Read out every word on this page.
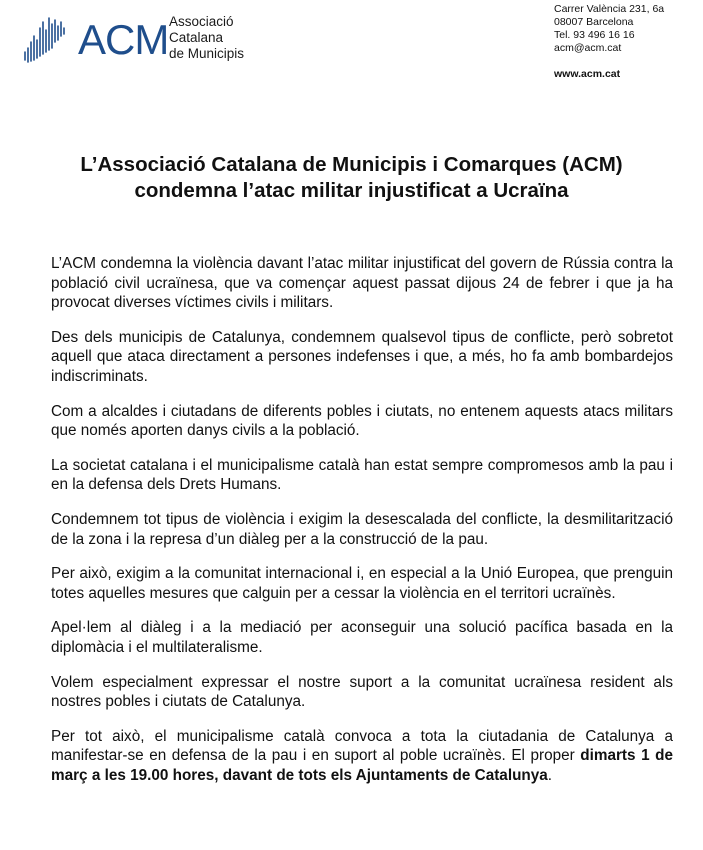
ACM Associació
Catalana
de Municipis
Carrer València 231, 6a
08007 Barcelona
Tel. 93 496 16 16
acm@acm.cat
www.acm.cat
L’Associació Catalana de Municipis i Comarques (ACM)
condemna l’atac militar injustificat a Ucraïna

L’ACM condemna la violència davant l’atac militar injustificat del govern de Rússia contra la població civil ucraïnesa, que va començar aquest passat dijous 24 de febrer i que ja ha provocat diverses víctimes civils i militars.

Des dels municipis de Catalunya, condemnem qualsevol tipus de conflicte, però sobretot aquell que ataca directament a persones indefenses i que, a més, ho fa amb bombardejos indiscriminats.

Com a alcaldes i ciutadans de diferents pobles i ciutats, no entenem aquests atacs militars que només aporten danys civils a la població.

La societat catalana i el municipalisme català han estat sempre compromesos amb la pau i en la defensa dels Drets Humans.

Condemnem tot tipus de violència i exigim la desescalada del conflicte, la desmilitarització de la zona i la represa d’un diàleg per a la construcció de la pau.

Per això, exigim a la comunitat internacional i, en especial a la Unió Europea, que prenguin totes aquelles mesures que calguin per a cessar la violència en el territori ucraïnès.

Apel·lem al diàleg i a la mediació per aconseguir una solució pacífica basada en la diplomàcia i el multilateralisme.

Volem especialment expressar el nostre suport a la comunitat ucraïnesa resident als nostres pobles i ciutats de Catalunya.

Per tot això, el municipalisme català convoca a tota la ciutadania de Catalunya a manifestar-se en defensa de la pau i en suport al poble ucraïnès. El proper dimarts 1 de març a les 19.00 hores, davant de tots els Ajuntaments de Catalunya.
